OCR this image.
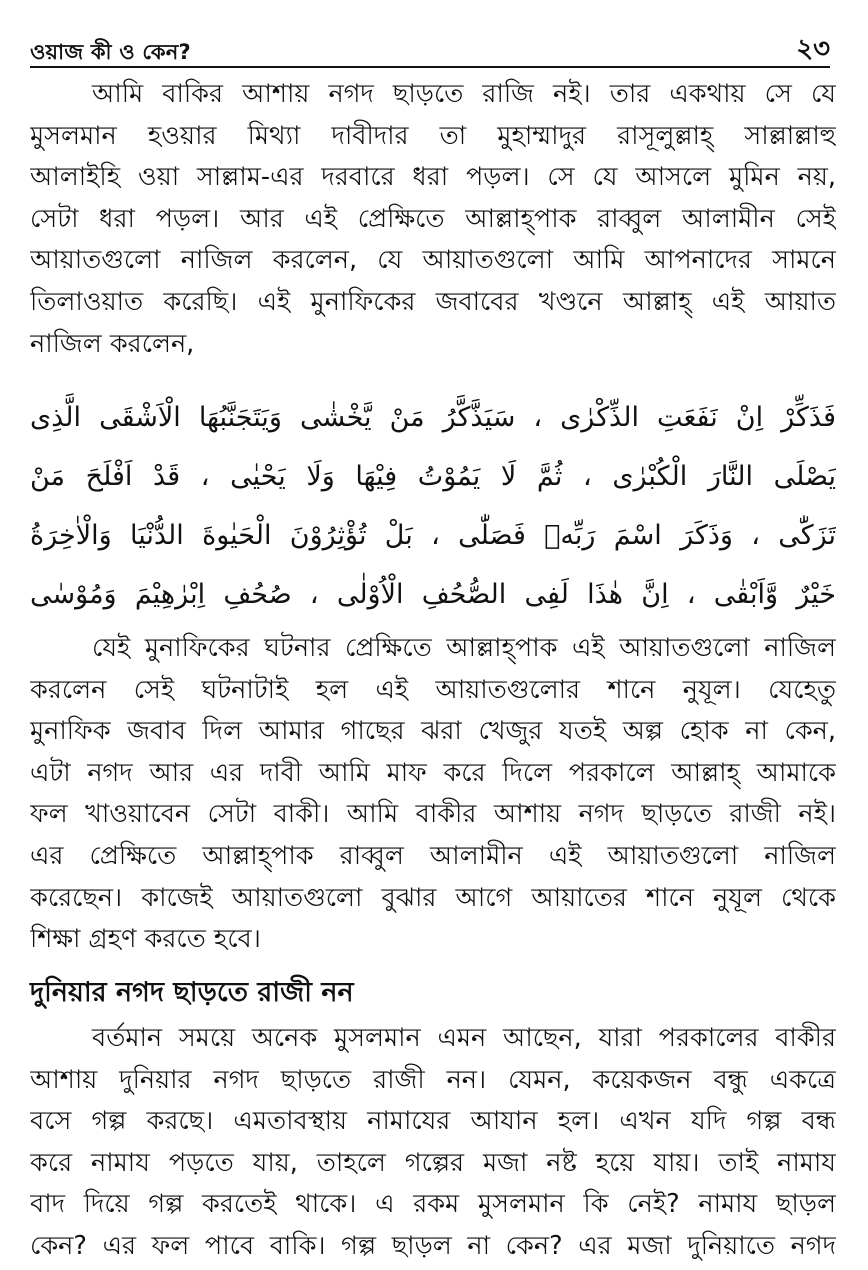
ওয়াজ কী ও কেন?	২৩

আমি বাকির আশায় নগদ ছাড়তে রাজি নই। তার একথায় সে যে
মুসলমান হওয়ার মিথ্যা দাবীদার তা মুহাম্মাদুর রাসূলুল্লাহ্ সাল্লাল্লাহু
আলাইহি ওয়া সাল্লাম-এর দরবারে ধরা পড়ল। সে যে আসলে মুমিন নয়,
সেটা ধরা পড়ল। আর এই প্রেক্ষিতে আল্লাহ্পাক রাব্বুল আলামীন সেই
আয়াতগুলো নাজিল করলেন, যে আয়াতগুলো আমি আপনাদের সামনে
তিলাওয়াত করেছি। এই মুনাফিকের জবাবের খণ্ডনে আল্লাহ্ এই আয়াত
নাজিল করলেন,

فَذَكِّرْ اِنْ نَفَعَتِ الذِّكْرٰى ، سَيَذَّكَّرُ مَنْ يَّخْشٰى وَيَتَجَنَّبُهَا الْاَشْقَى الَّذِى
يَصْلَى النَّارَ الْكُبْرٰى ، ثُمَّ لَا يَمُوْتُ فِيْهَا وَلَا يَحْيٰى ، قَدْ اَفْلَحَ مَنْ
تَزَكّٰى ، وَذَكَرَ اسْمَ رَبِّهٖ فَصَلّٰى ، بَلْ تُؤْثِرُوْنَ الْحَيٰوةَ الدُّنْيَا وَالْاٰخِرَةُ
خَيْرٌ وَّاَبْقٰى ، اِنَّ هٰذَا لَفِى الصُّحُفِ الْاُوْلٰى ، صُحُفِ اِبْرٰهِيْمَ وَمُوْسٰى

যেই মুনাফিকের ঘটনার প্রেক্ষিতে আল্লাহ্পাক এই আয়াতগুলো নাজিল
করলেন সেই ঘটনাটাই হল এই আয়াতগুলোর শানে নুযূল। যেহেতু
মুনাফিক জবাব দিল আমার গাছের ঝরা খেজুর যতই অল্প হোক না কেন,
এটা নগদ আর এর দাবী আমি মাফ করে দিলে পরকালে আল্লাহ্ আমাকে
ফল খাওয়াবেন সেটা বাকী। আমি বাকীর আশায় নগদ ছাড়তে রাজী নই।
এর প্রেক্ষিতে আল্লাহ্পাক রাব্বুল আলামীন এই আয়াতগুলো নাজিল
করেছেন। কাজেই আয়াতগুলো বুঝার আগে আয়াতের শানে নুযূল থেকে
শিক্ষা গ্রহণ করতে হবে।

দুনিয়ার নগদ ছাড়তে রাজী নন

বর্তমান সময়ে অনেক মুসলমান এমন আছেন, যারা পরকালের বাকীর
আশায় দুনিয়ার নগদ ছাড়তে রাজী নন। যেমন, কয়েকজন বন্ধু একত্রে
বসে গল্প করছে। এমতাবস্থায় নামাযের আযান হল। এখন যদি গল্প বন্ধ
করে নামায পড়তে যায়, তাহলে গল্পের মজা নষ্ট হয়ে যায়। তাই নামায
বাদ দিয়ে গল্প করতেই থাকে। এ রকম মুসলমান কি নেই? নামায ছাড়ল
কেন? এর ফল পাবে বাকি। গল্প ছাড়ল না কেন? এর মজা দুনিয়াতে নগদ
